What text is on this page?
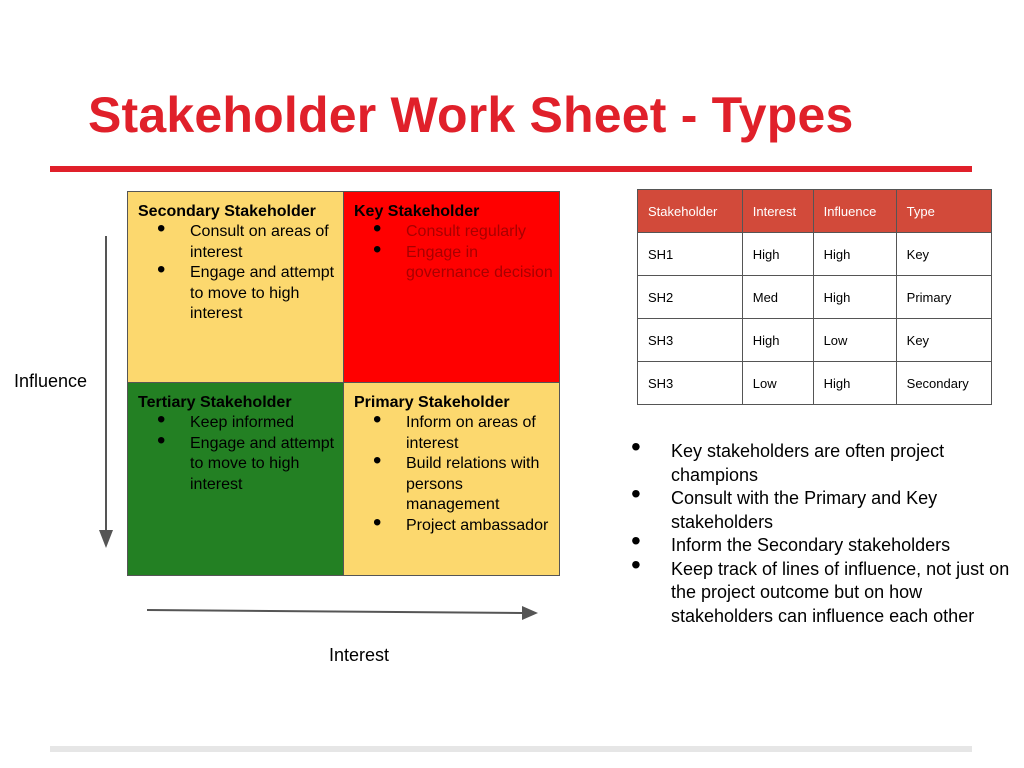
Stakeholder Work Sheet - Types
Secondary Stakeholder
• Consult on areas of interest
• Engage and attempt to move to high interest
Key Stakeholder
• Consult regularly
• Engage in governance decision
Tertiary Stakeholder
• Keep informed
• Engage and attempt to move to high interest
Primary Stakeholder
• Inform on areas of interest
• Build relations with persons management
• Project ambassador
Influence
Interest
Stakeholder	Interest	Influence	Type
SH1	High	High	Key
SH2	Med	High	Primary
SH3	High	Low	Key
SH3	Low	High	Secondary
• Key stakeholders are often project champions
• Consult with the Primary and Key stakeholders
• Inform the Secondary stakeholders
• Keep track of lines of influence, not just on the project outcome but on how stakeholders can influence each other
